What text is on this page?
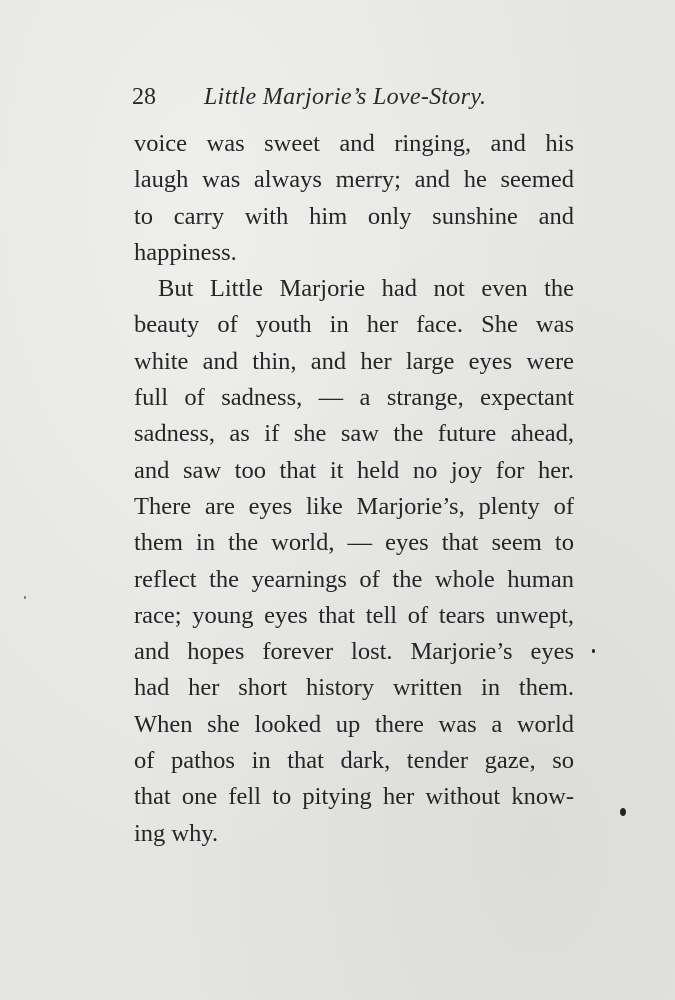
28 Little Marjorie’s Love-Story.
voice was sweet and ringing, and his
laugh was always merry; and he seemed
to carry with him only sunshine and
happiness.
But Little Marjorie had not even the
beauty of youth in her face. She was
white and thin, and her large eyes were
full of sadness, — a strange, expectant
sadness, as if she saw the future ahead,
and saw too that it held no joy for her.
There are eyes like Marjorie’s, plenty of
them in the world, — eyes that seem to
reflect the yearnings of the whole human
race; young eyes that tell of tears unwept,
and hopes forever lost. Marjorie’s eyes
had her short history written in them.
When she looked up there was a world
of pathos in that dark, tender gaze, so
that one fell to pitying her without know-
ing why.
